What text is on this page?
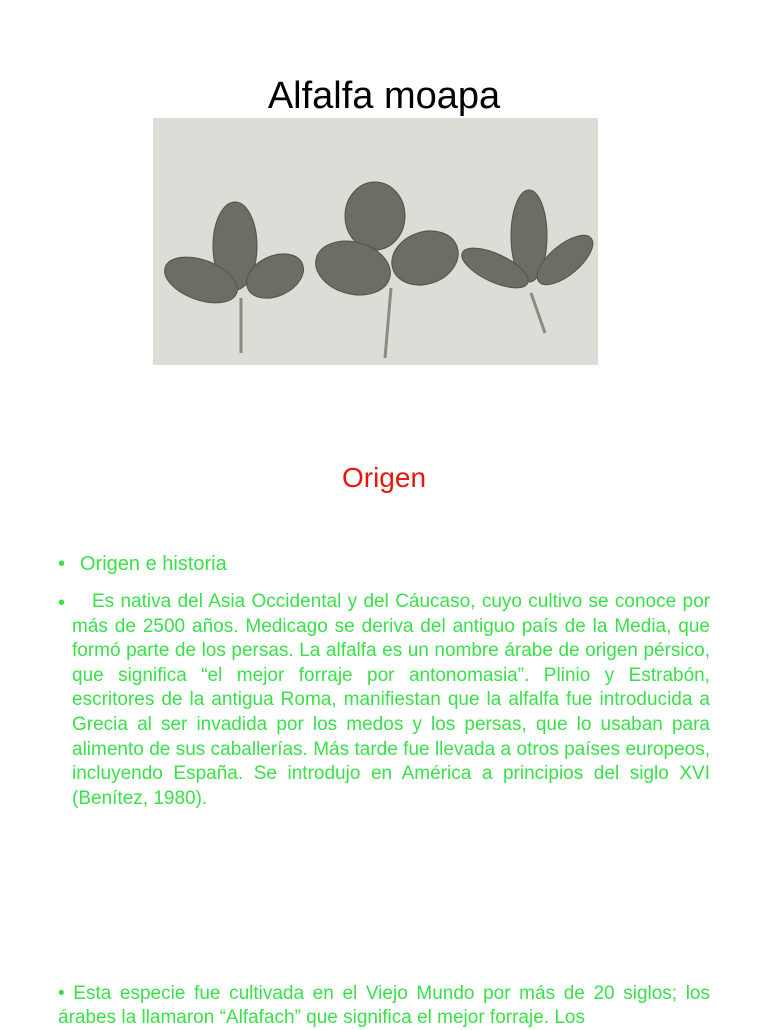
Alfalfa moapa
Origen
• Origen e historia
•	Es nativa del Asia Occidental y del Cáucaso, cuyo cultivo se conoce por más de 2500 años. Medicago se deriva del antiguo país de la Media, que formó parte de los persas. La alfalfa es un nombre árabe de origen pérsico, que significa “el mejor forraje por antonomasia”. Plinio y Estrabón, escritores de la antigua Roma, manifiestan que la alfalfa fue introducida a Grecia al ser invadida por los medos y los persas, que lo usaban para alimento de sus caballerías. Más tarde fue llevada a otros países europeos, incluyendo España. Se introdujo en América a principios del siglo XVI (Benítez, 1980).
• Esta especie fue cultivada en el Viejo Mundo por más de 20 siglos; los árabes la llamaron “Alfafach” que significa el mejor forraje. Los
